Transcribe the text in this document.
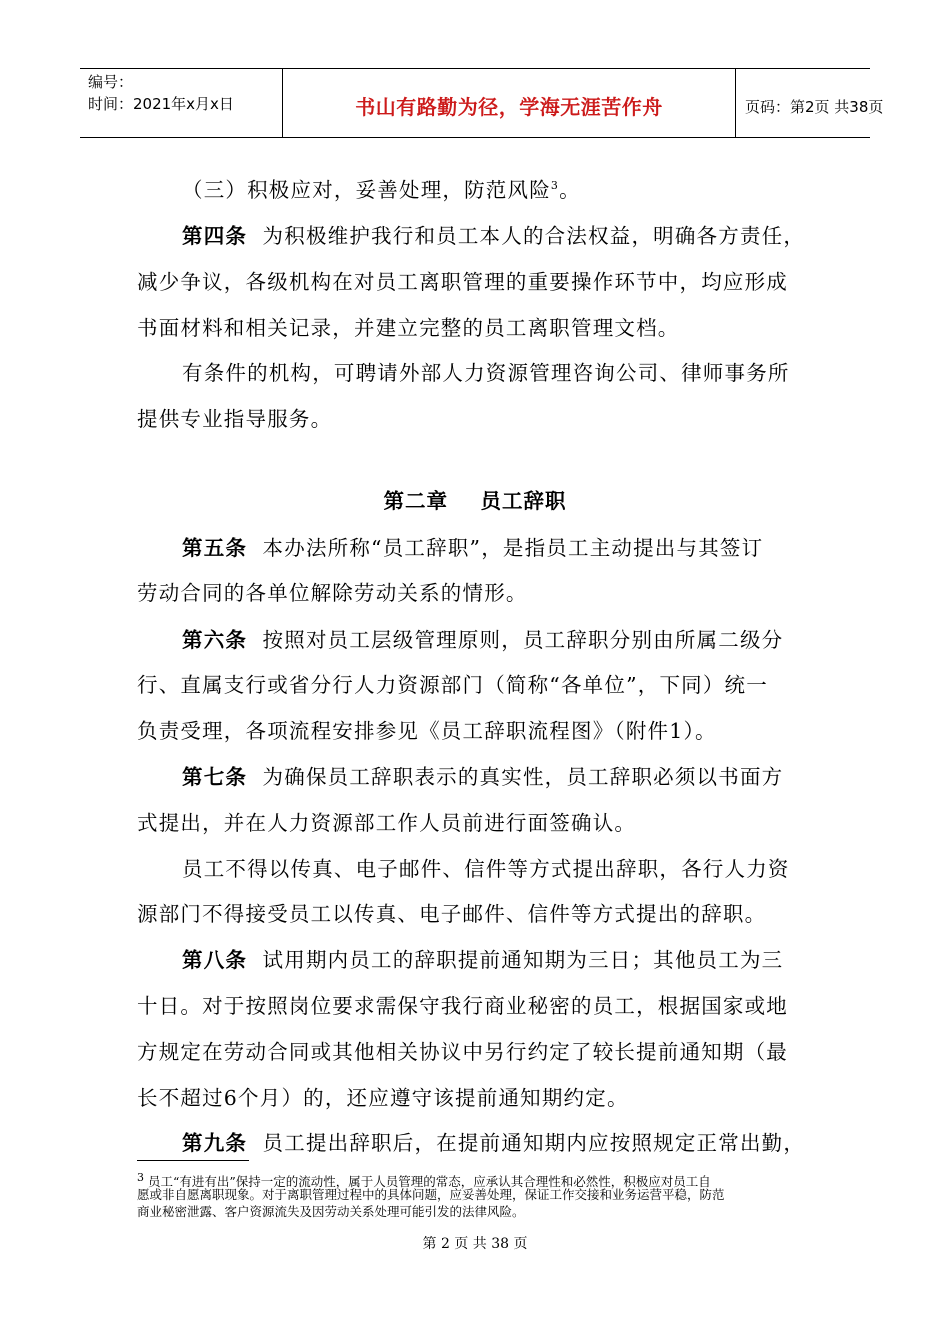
编号：
时间：2021年x月x日	书山有路勤为径，学海无涯苦作舟	页码：第2页 共38页
（三）积极应对，妥善处理，防范风险$^3$。
第四条 为积极维护我行和员工本人的合法权益，明确各方责任，
减少争议，各级机构在对员工离职管理的重要操作环节中，均应形成
书面材料和相关记录，并建立完整的员工离职管理文档。
有条件的机构，可聘请外部人力资源管理咨询公司、律师事务所
提供专业指导服务。
第二章    员工辞职
第五条 本办法所称“员工辞职”，是指员工主动提出与其签订
劳动合同的各单位解除劳动关系的情形。
第六条 按照对员工层级管理原则，员工辞职分别由所属二级分
行、直属支行或省分行人力资源部门（简称“各单位”，下同）统一
负责受理，各项流程安排参见《员工辞职流程图》（附件1）。
第七条 为确保员工辞职表示的真实性，员工辞职必须以书面方
式提出，并在人力资源部工作人员前进行面签确认。
员工不得以传真、电子邮件、信件等方式提出辞职，各行人力资
源部门不得接受员工以传真、电子邮件、信件等方式提出的辞职。
第八条 试用期内员工的辞职提前通知期为三日；其他员工为三
十日。对于按照岗位要求需保守我行商业秘密的员工，根据国家或地
方规定在劳动合同或其他相关协议中另行约定了较长提前通知期（最
长不超过6个月）的，还应遵守该提前通知期约定。
第九条 员工提出辞职后，在提前通知期内应按照规定正常出勤，
3 员工“有进有出”保持一定的流动性，属于人员管理的常态，应承认其合理性和必然性，积极应对员工自
愿或非自愿离职现象。对于离职管理过程中的具体问题，应妥善处理，保证工作交接和业务运营平稳，防范
商业秘密泄露、客户资源流失及因劳动关系处理可能引发的法律风险。
第 2 页 共 38 页
